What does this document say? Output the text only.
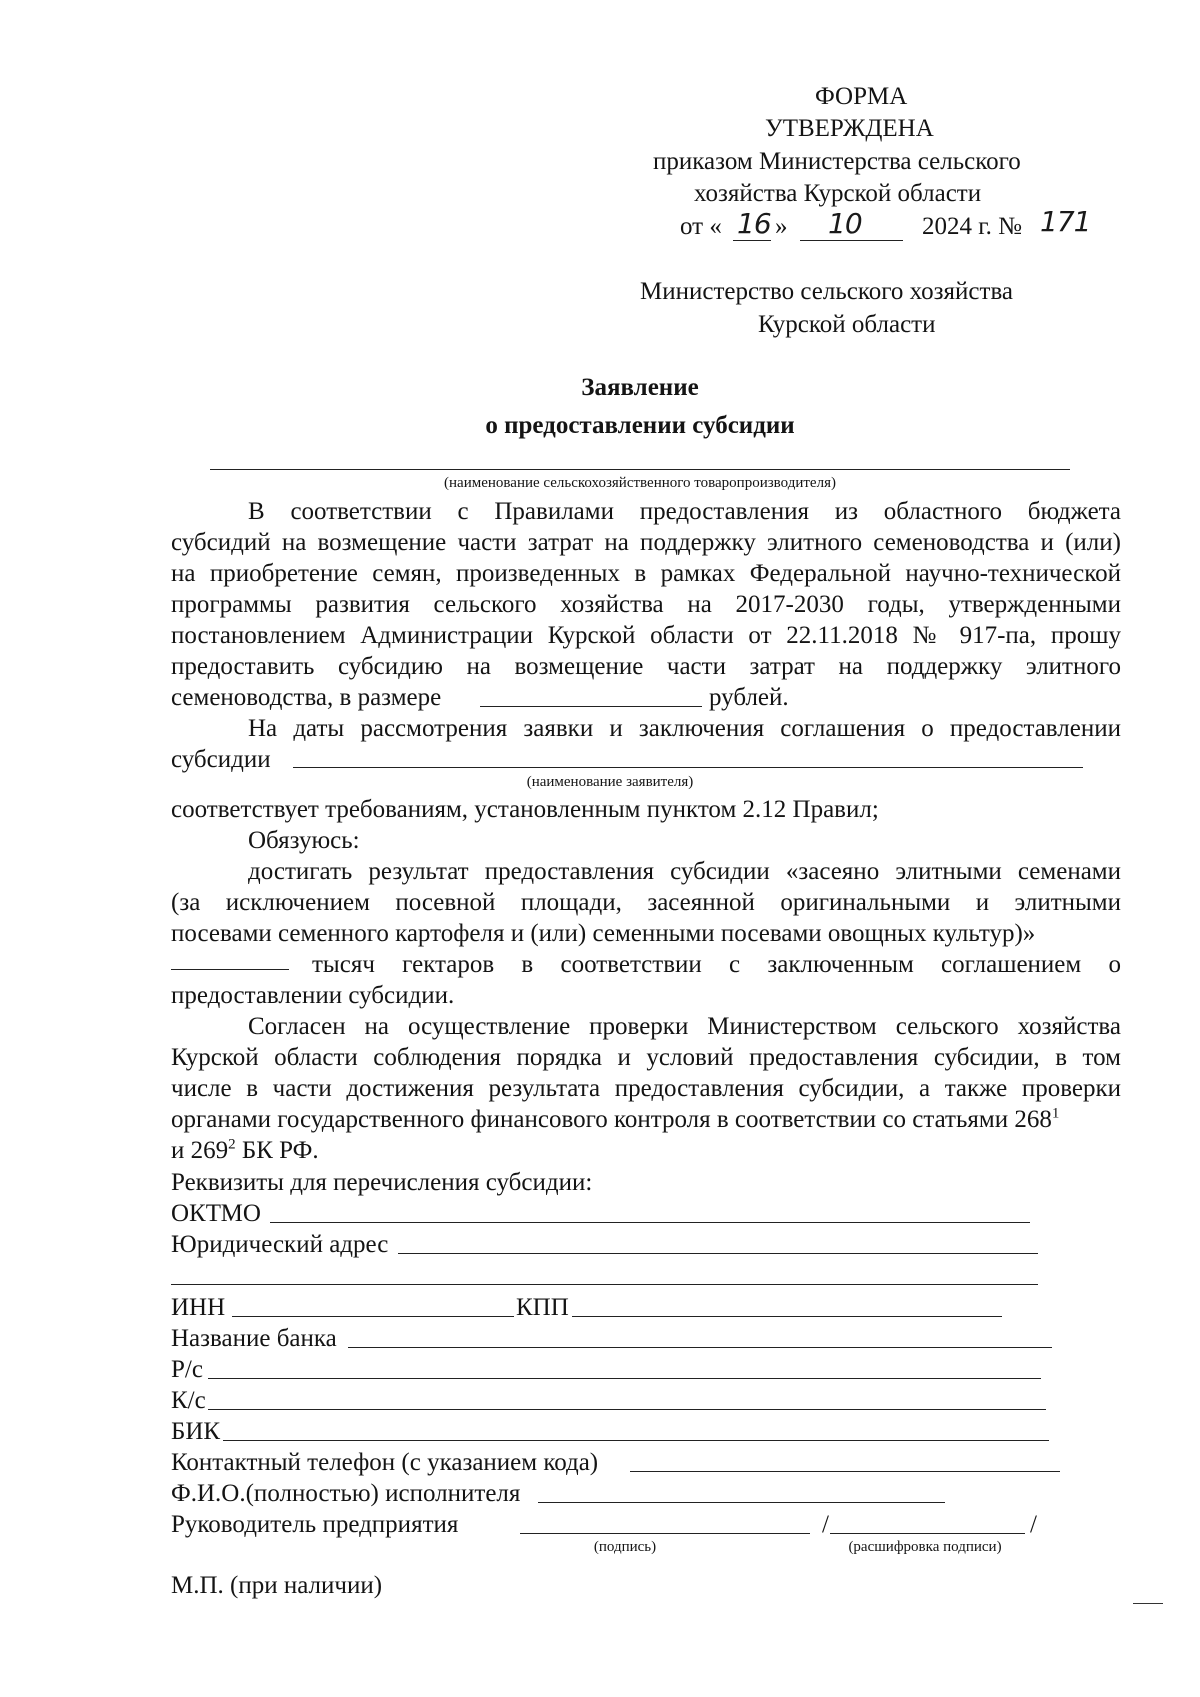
ФОРМА
УТВЕРЖДЕНА
приказом Министерства сельского
хозяйства Курской области
от « 16 » 10 2024 г. № 171
Министерство сельского хозяйства
Курской области
Заявление
о предоставлении субсидии
(наименование сельскохозяйственного товаропроизводителя)
В соответствии с Правилами предоставления из областного бюджета
субсидий на возмещение части затрат на поддержку элитного семеноводства и (или)
на приобретение семян, произведенных в рамках Федеральной научно-технической
программы развития сельского хозяйства на 2017-2030 годы, утвержденными
постановлением Администрации Курской области от 22.11.2018 № 917-па, прошу
предоставить субсидию на возмещение части затрат на поддержку элитного
семеноводства, в размере	рублей.
На даты рассмотрения заявки и заключения соглашения о предоставлении
субсидии
(наименование заявителя)
соответствует требованиям, установленным пунктом 2.12 Правил;
Обязуюсь:
достигать результат предоставления субсидии «засеяно элитными семенами
(за исключением посевной площади, засеянной оригинальными и элитными
посевами семенного картофеля и (или) семенными посевами овощных культур)»
тысяч гектаров в соответствии с заключенным соглашением о
предоставлении субсидии.
Согласен на осуществление проверки Министерством сельского хозяйства
Курской области соблюдения порядка и условий предоставления субсидии, в том
числе в части достижения результата предоставления субсидии, а также проверки
органами государственного финансового контроля в соответствии со статьями $268^1$
и $269^2$ БК РФ.
Реквизиты для перечисления субсидии:
ОКТМО
Юридический адрес
ИНН	КПП
Название банка
Р/с
К/с
БИК
Контактный телефон (с указанием кода)
Ф.И.О.(полностью) исполнителя
Руководитель предприятия	/	/
(подпись)	(расшифровка подписи)
М.П. (при наличии)
